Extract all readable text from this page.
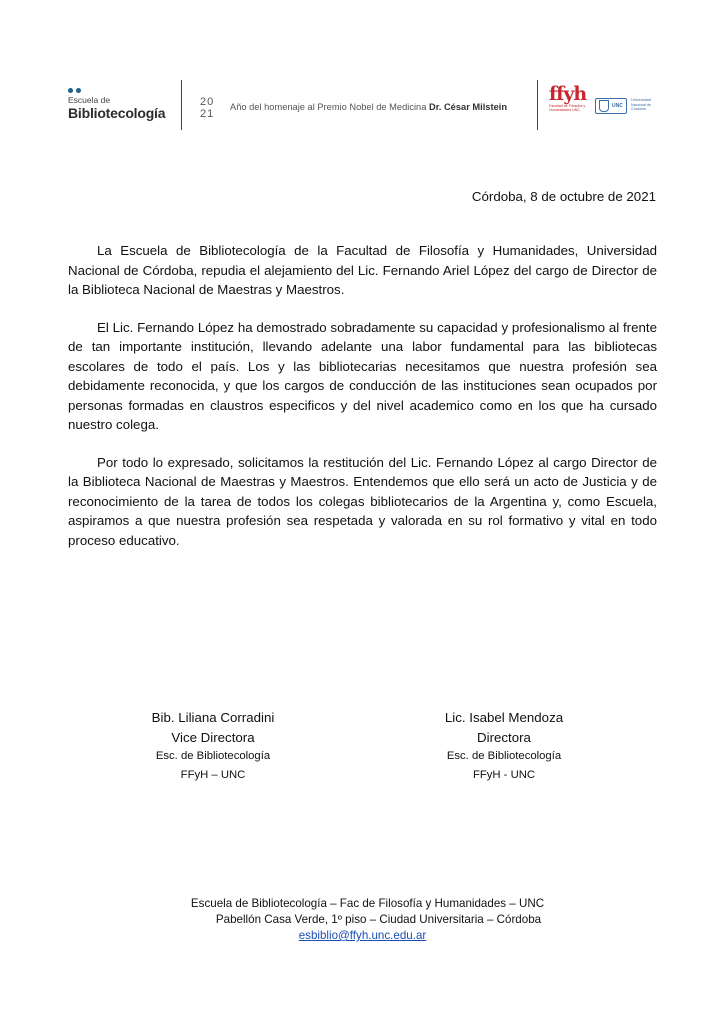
Escuela de
Bibliotecología
20
21
Año del homenaje al Premio Nobel de Medicina Dr. César Milstein
ffyh
Facultad de Filosofía y Humanidades UNC
UNC
Universidad Nacional de Córdoba
Córdoba, 8 de octubre de 2021

La Escuela de Bibliotecología de la Facultad de Filosofía y Humanidades, Universidad Nacional de Córdoba, repudia el alejamiento del Lic. Fernando Ariel López del cargo de Director de la Biblioteca Nacional de Maestras y Maestros.

El Lic. Fernando López ha demostrado sobradamente su capacidad y profesionalismo al frente de tan importante institución, llevando adelante una labor fundamental para las bibliotecas escolares de todo el país. Los y las bibliotecarias necesitamos que nuestra profesión sea debidamente reconocida, y que los cargos de conducción de las instituciones sean ocupados por personas formadas en claustros especificos y del nivel academico como en los que ha cursado nuestro colega.

Por todo lo expresado, solicitamos la restitución del Lic. Fernando López al cargo Director de la Biblioteca Nacional de Maestras y Maestros. Entendemos que ello será un acto de Justicia y de reconocimiento de la tarea de todos los colegas bibliotecarios de la Argentina y, como Escuela, aspiramos a que nuestra profesión sea respetada y valorada en su rol formativo y vital en todo proceso educativo.

Bib. Liliana Corradini
Vice Directora
Esc. de Bibliotecología
FFyH – UNC
Lic. Isabel Mendoza
Directora
Esc. de Bibliotecología
FFyH - UNC
Escuela de Bibliotecología – Fac de Filosofía y Humanidades – UNC
Pabellón Casa Verde, 1º piso – Ciudad Universitaria – Córdoba
esbiblio@ffyh.unc.edu.ar
